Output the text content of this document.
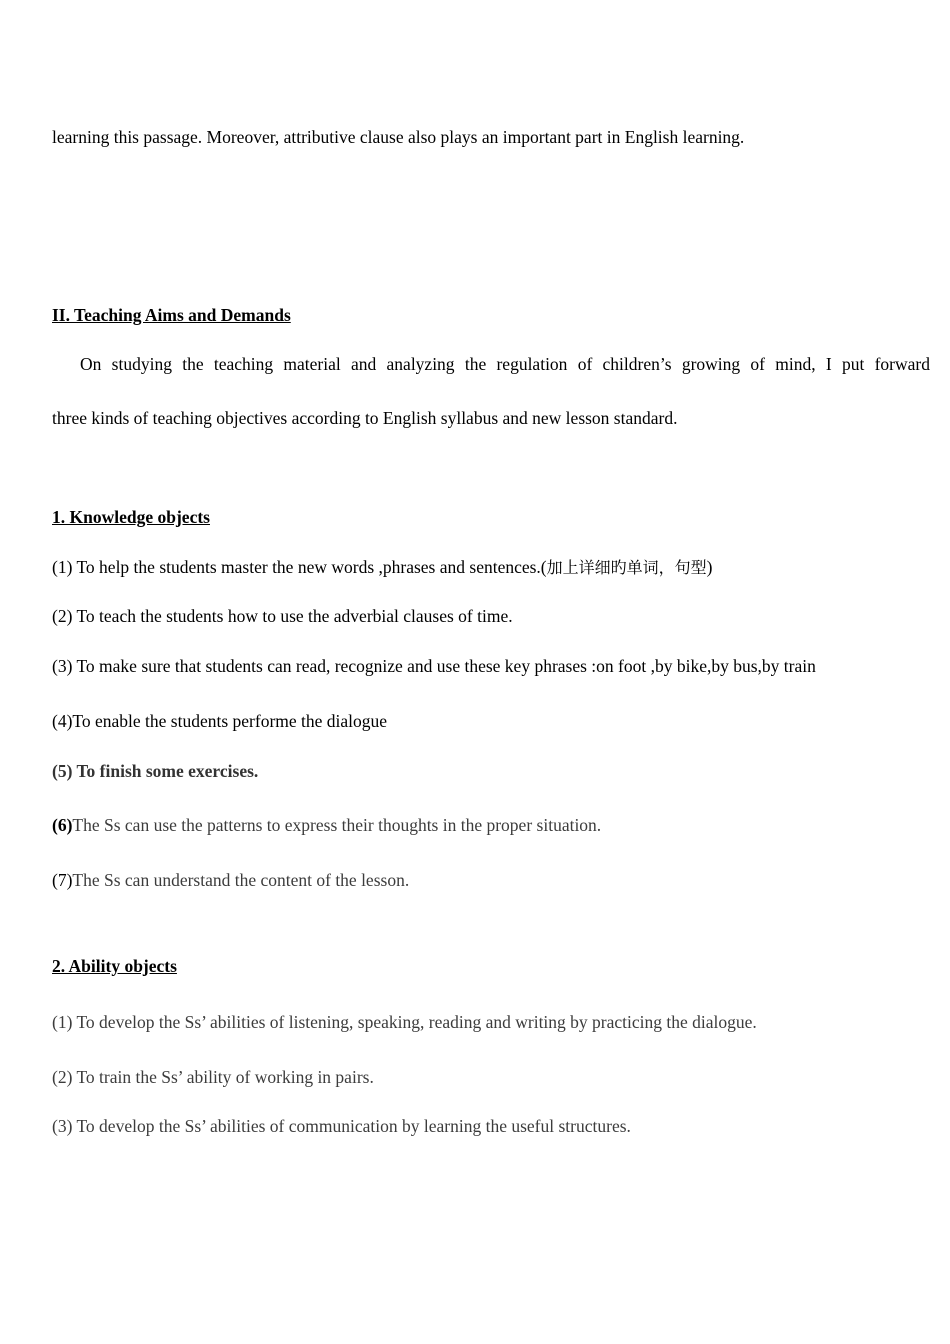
learning this passage. Moreover, attributive clause also plays an important part in English learning.
II. Teaching Aims and Demands
On studying the teaching material and analyzing the regulation of children’s growing of mind, I put forward
three kinds of teaching objectives according to English syllabus and new lesson standard.
1. Knowledge objects
(1) To help the students master the new words ,phrases and sentences.(加上详细旳单词，句型)
(2) To teach the students how to use the adverbial clauses of time.
(3) To make sure that students can read, recognize and use these key phrases :on foot ,by bike,by bus,by train
(4)To enable the students performe the dialogue
(5) To finish some exercises.
(6)The Ss can use the patterns to express their thoughts in the proper situation.
(7)The Ss can understand the content of the lesson.
2. Ability objects
(1) To develop the Ss’ abilities of listening, speaking, reading and writing by practicing the dialogue.
(2) To train the Ss’ ability of working in pairs.
(3) To develop the Ss’ abilities of communication by learning the useful structures.
